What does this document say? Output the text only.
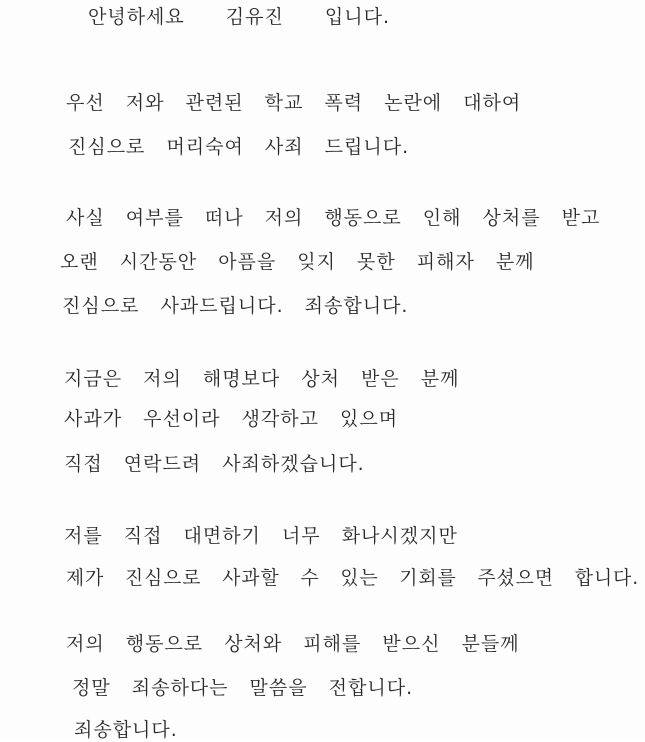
안녕하세요 김유진 입니다.
우선 저와 관련된 학교 폭력 논란에 대하여
진심으로 머리숙여 사죄 드립니다.
사실 여부를 떠나 저의 행동으로 인해 상처를 받고
오랜 시간동안 아픔을 잊지 못한 피해자 분께
진심으로 사과드립니다. 죄송합니다.
지금은 저의 해명보다 상처 받은 분께
사과가 우선이라 생각하고 있으며
직접 연락드려 사죄하겠습니다.
저를 직접 대면하기 너무 화나시겠지만
제가 진심으로 사과할 수 있는 기회를 주셨으면 합니다.
저의 행동으로 상처와 피해를 받으신 분들께
정말 죄송하다는 말씀을 전합니다.
죄송합니다.
